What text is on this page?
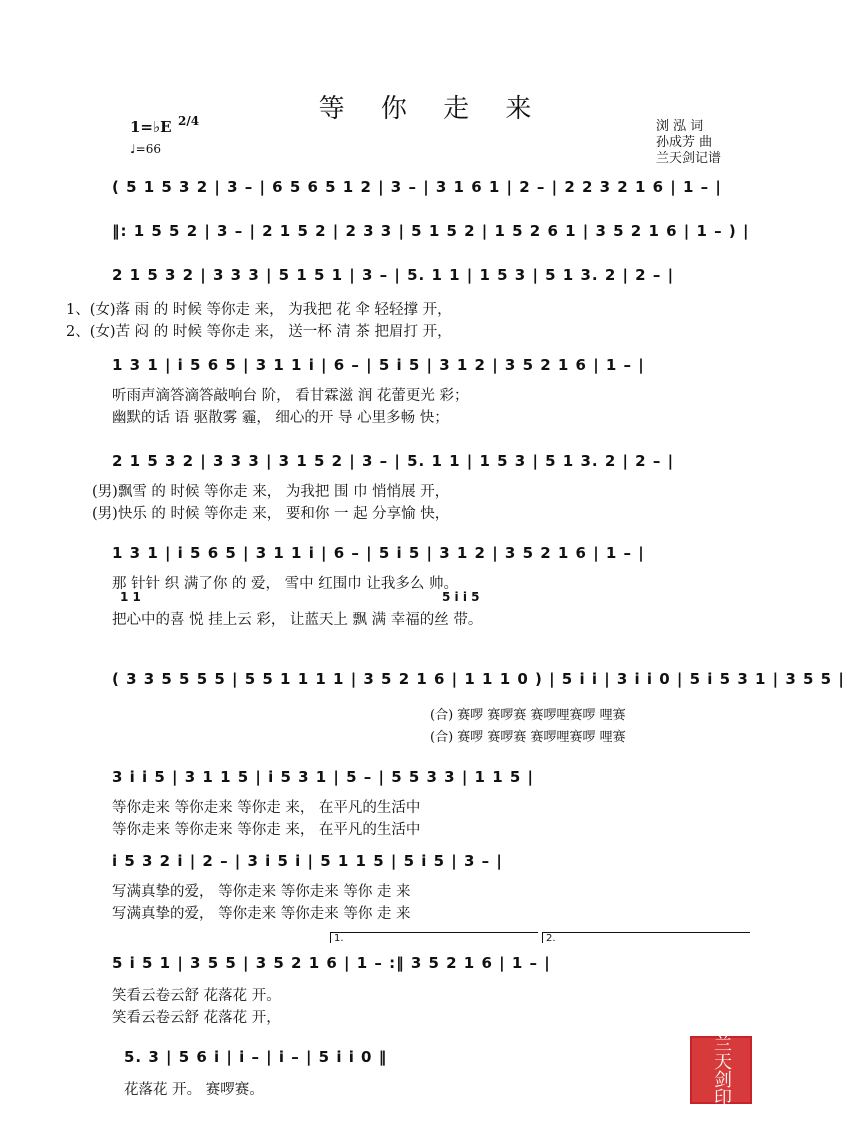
等 你 走 来
1=♭E 2/4
♩=66
浏 泓 词
孙成芳 曲
兰天剑记谱
( 5 1 5 3 2 | 3 – | 6 5 6 5 1 2 | 3 – | 3 1 6 1 | 2 – | 2 2 3 2 1 6 | 1 – |
‖: 1 5 5 2 | 3 – | 2 1 5 2 | 2 3 3 | 5 1 5 2 | 1 5 2 6 1 | 3 5 2 1 6 | 1 – ) |
2 1 5 3 2 | 3 3 3 | 5 1 5 1 | 3 – | 5. 1 1 | 1 5 3 | 5 1 3. 2 | 2 – |
1、(女)落 雨 的 时候 等你走 来， 为我把 花 伞 轻轻撑 开，
2、(女)苦 闷 的 时候 等你走 来， 送一杯 清 茶 把眉打 开，
1 3 1 | i 5 6 5 | 3 1 1 i | 6 – | 5 i 5 | 3 1 2 | 3 5 2 1 6 | 1 – |
听雨声滴答滴答敲响台 阶， 看甘霖滋 润 花蕾更光 彩；
幽默的话 语 驱散雾 霾， 细心的开 导 心里多畅 快；
2 1 5 3 2 | 3 3 3 | 3 1 5 2 | 3 – | 5. 1 1 | 1 5 3 | 5 1 3. 2 | 2 – |
(男)飘雪 的 时候 等你走 来， 为我把 围 巾 悄悄展 开，
(男)快乐 的 时候 等你走 来， 要和你 一 起 分享愉 快，
1 3 1 | i 5 6 5 | 3 1 1 i | 6 – | 5 i 5 | 3 1 2 | 3 5 2 1 6 | 1 – |
那 针针 织 满了你 的 爱， 雪中 红围巾 让我多么 帅。
1 1	5 i i 5
把心中的喜 悦 挂上云 彩， 让蓝天上 飘 满 幸福的丝 带。
( 3 3 5 5 5 5 | 5 5 1 1 1 1 | 3 5 2 1 6 | 1 1 1 0 ) | 5 i i | 3 i i 0 | 5 i 5 3 1 | 3 5 5 |
(合) 赛啰 赛啰赛 赛啰哩赛啰 哩赛
(合) 赛啰 赛啰赛 赛啰哩赛啰 哩赛
3 i i 5 | 3 1 1 5 | i 5 3 1 | 5 – | 5 5 3 3 | 1 1 5 |
等你走来 等你走来 等你走 来， 在平凡的生活中
等你走来 等你走来 等你走 来， 在平凡的生活中
i 5 3 2 i | 2 – | 3 i 5 i | 5 1 1 5 | 5 i 5 | 3 – |
写满真挚的爱， 等你走来 等你走来 等你 走 来
写满真挚的爱， 等你走来 等你走来 等你 走 来
1.	2.
5 i 5 1 | 3 5 5 | 3 5 2 1 6 | 1 – :‖ 3 5 2 1 6 | 1 – |
笑看云卷云舒 花落花 开。
笑看云卷云舒 花落花 开，
5. 3 | 5 6 i | i – | i – | 5 i i 0 ‖
花落花 开。 赛啰赛。	兰天剑印
